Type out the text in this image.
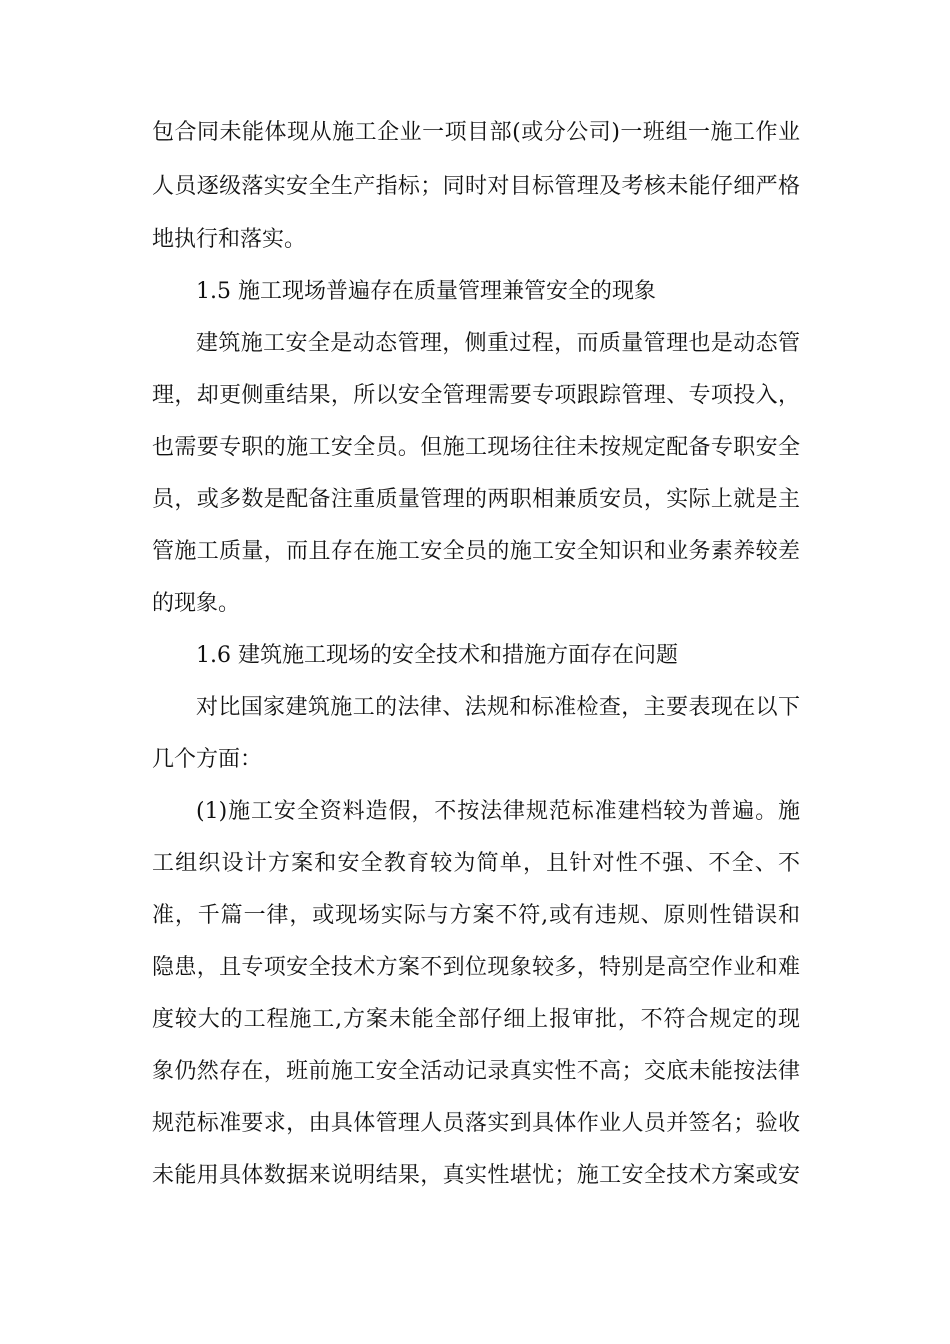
包合同未能体现从施工企业一项目部(或分公司)一班组一施工作业
人员逐级落实安全生产指标；同时对目标管理及考核未能仔细严格
地执行和落实。
1.5 施工现场普遍存在质量管理兼管安全的现象
建筑施工安全是动态管理，侧重过程，而质量管理也是动态管
理，却更侧重结果，所以安全管理需要专项跟踪管理、专项投入，
也需要专职的施工安全员。但施工现场往往未按规定配备专职安全
员，或多数是配备注重质量管理的两职相兼质安员，实际上就是主
管施工质量，而且存在施工安全员的施工安全知识和业务素养较差
的现象。
1.6 建筑施工现场的安全技术和措施方面存在问题
对比国家建筑施工的法律、法规和标准检查，主要表现在以下
几个方面：
(1)施工安全资料造假，不按法律规范标准建档较为普遍。施
工组织设计方案和安全教育较为简单，且针对性不强、不全、不
准，千篇一律，或现场实际与方案不符,或有违规、原则性错误和
隐患，且专项安全技术方案不到位现象较多，特别是高空作业和难
度较大的工程施工,方案未能全部仔细上报审批，不符合规定的现
象仍然存在，班前施工安全活动记录真实性不高；交底未能按法律
规范标准要求，由具体管理人员落实到具体作业人员并签名；验收
未能用具体数据来说明结果，真实性堪忧；施工安全技术方案或安
